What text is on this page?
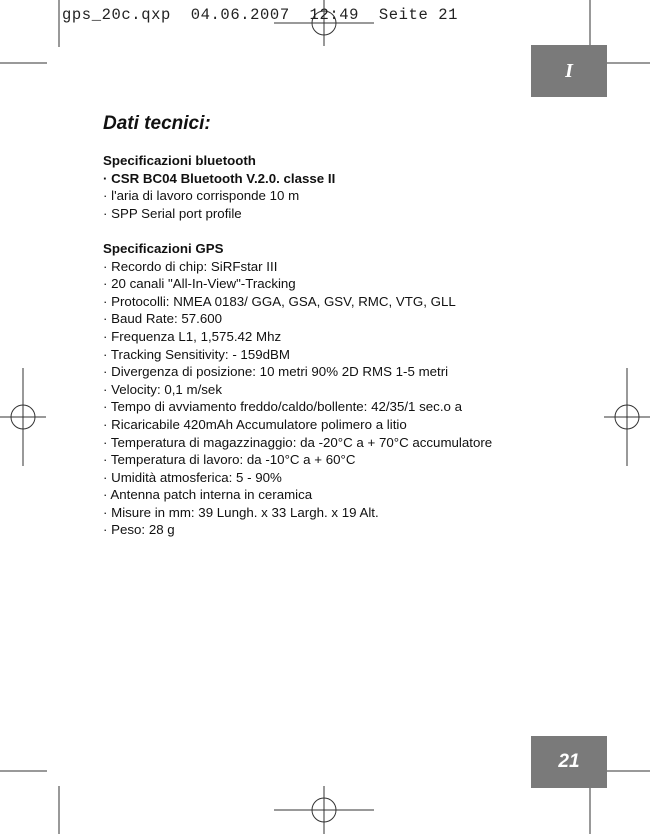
gps_20c.qxp  04.06.2007  12:49  Seite 21
I
Dati tecnici:

Specificazioni bluetooth

· CSR BC04 Bluetooth V.2.0. classe II
· l'aria di lavoro corrisponde 10 m
· SPP Serial port profile

Specificazioni GPS

· Recordo di chip: SiRFstar III
· 20 canali "All-In-View"-Tracking
· Protocolli: NMEA 0183/ GGA, GSA, GSV, RMC, VTG, GLL
· Baud Rate: 57.600
· Frequenza L1, 1,575.42 Mhz
· Tracking Sensitivity: - 159dBM
· Divergenza di posizione: 10 metri 90% 2D RMS 1-5 metri
· Velocity: 0,1 m/sek
· Tempo di avviamento freddo/caldo/bollente: 42/35/1 sec.o a
· Ricaricabile 420mAh Accumulatore polimero a litio
· Temperatura di magazzinaggio: da -20°C a + 70°C accumulatore
· Temperatura di lavoro: da -10°C a + 60°C
· Umidità atmosferica: 5 - 90%
· Antenna patch interna in ceramica
· Misure in mm: 39 Lungh. x 33 Largh. x 19 Alt.
· Peso: 28 g
21
